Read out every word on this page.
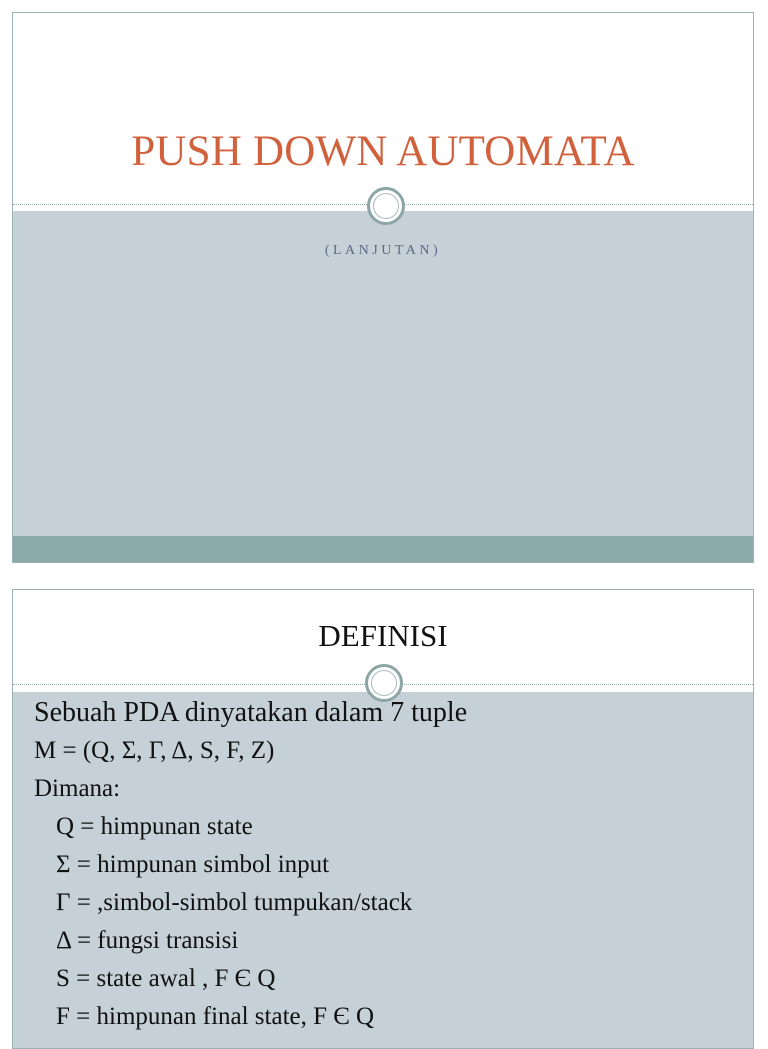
PUSH DOWN AUTOMATA
(LANJUTAN)
DEFINISI
Sebuah PDA dinyatakan dalam 7 tuple
M = (Q, Σ, Γ, Δ, S, F, Z)
Dimana:
Q = himpunan state
Σ = himpunan simbol input
Γ = ,simbol-simbol tumpukan/stack
Δ = fungsi transisi
S = state awal , F Є Q
F = himpunan final state, F Є Q
